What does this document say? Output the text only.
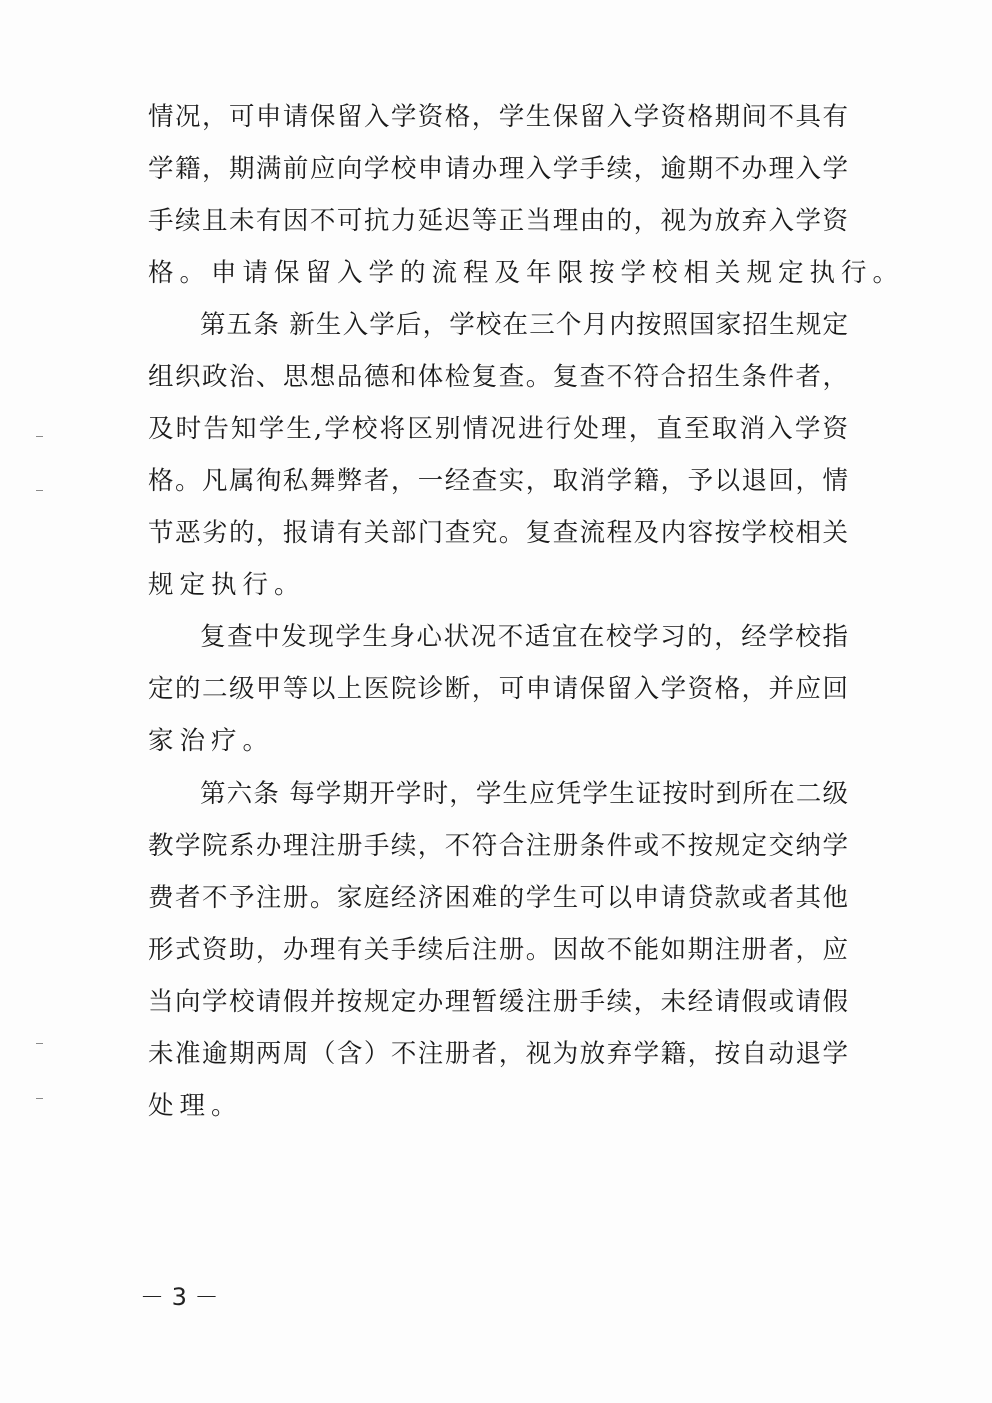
情况，可申请保留入学资格，学生保留入学资格期间不具有
学籍，期满前应向学校申请办理入学手续，逾期不办理入学
手续且未有因不可抗力延迟等正当理由的，视为放弃入学资
格。申请保留入学的流程及年限按学校相关规定执行。
第五条 新生入学后，学校在三个月内按照国家招生规定
组织政治、思想品德和体检复查。复查不符合招生条件者，
及时告知学生,学校将区别情况进行处理，直至取消入学资
格。凡属徇私舞弊者，一经查实，取消学籍，予以退回，情
节恶劣的，报请有关部门查究。复查流程及内容按学校相关
规定执行。
复查中发现学生身心状况不适宜在校学习的，经学校指
定的二级甲等以上医院诊断，可申请保留入学资格，并应回
家治疗。
第六条 每学期开学时，学生应凭学生证按时到所在二级
教学院系办理注册手续，不符合注册条件或不按规定交纳学
费者不予注册。家庭经济困难的学生可以申请贷款或者其他
形式资助，办理有关手续后注册。因故不能如期注册者，应
当向学校请假并按规定办理暂缓注册手续，未经请假或请假
未准逾期两周（含）不注册者，视为放弃学籍，按自动退学
处理。
－ 3 －
